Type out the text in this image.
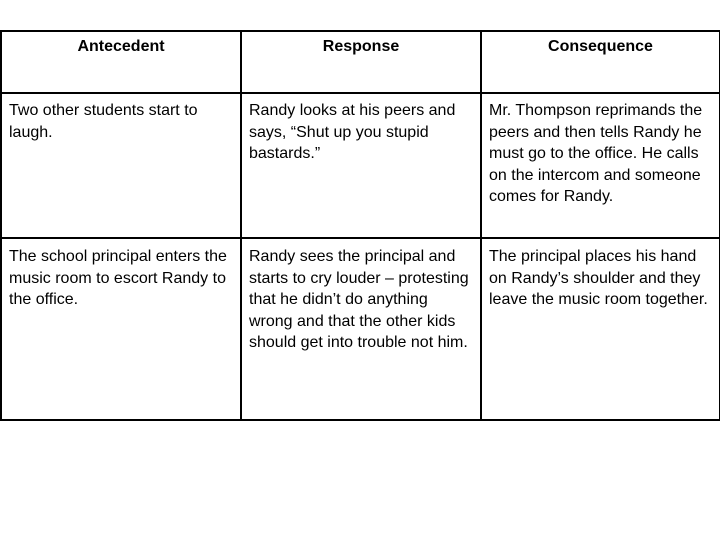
Antecedent	Response	Consequence
Two other students start to laugh.	Randy looks at his peers and says, “Shut up you stupid bastards.”	Mr. Thompson reprimands the peers and then tells Randy he must go to the office. He calls on the intercom and someone comes for Randy.
The school principal enters the music room to escort Randy to the office.	Randy sees the principal and starts to cry louder – protesting that he didn’t do anything wrong and that the other kids should get into trouble not him.	The principal places his hand on Randy’s shoulder and they leave the music room together.
